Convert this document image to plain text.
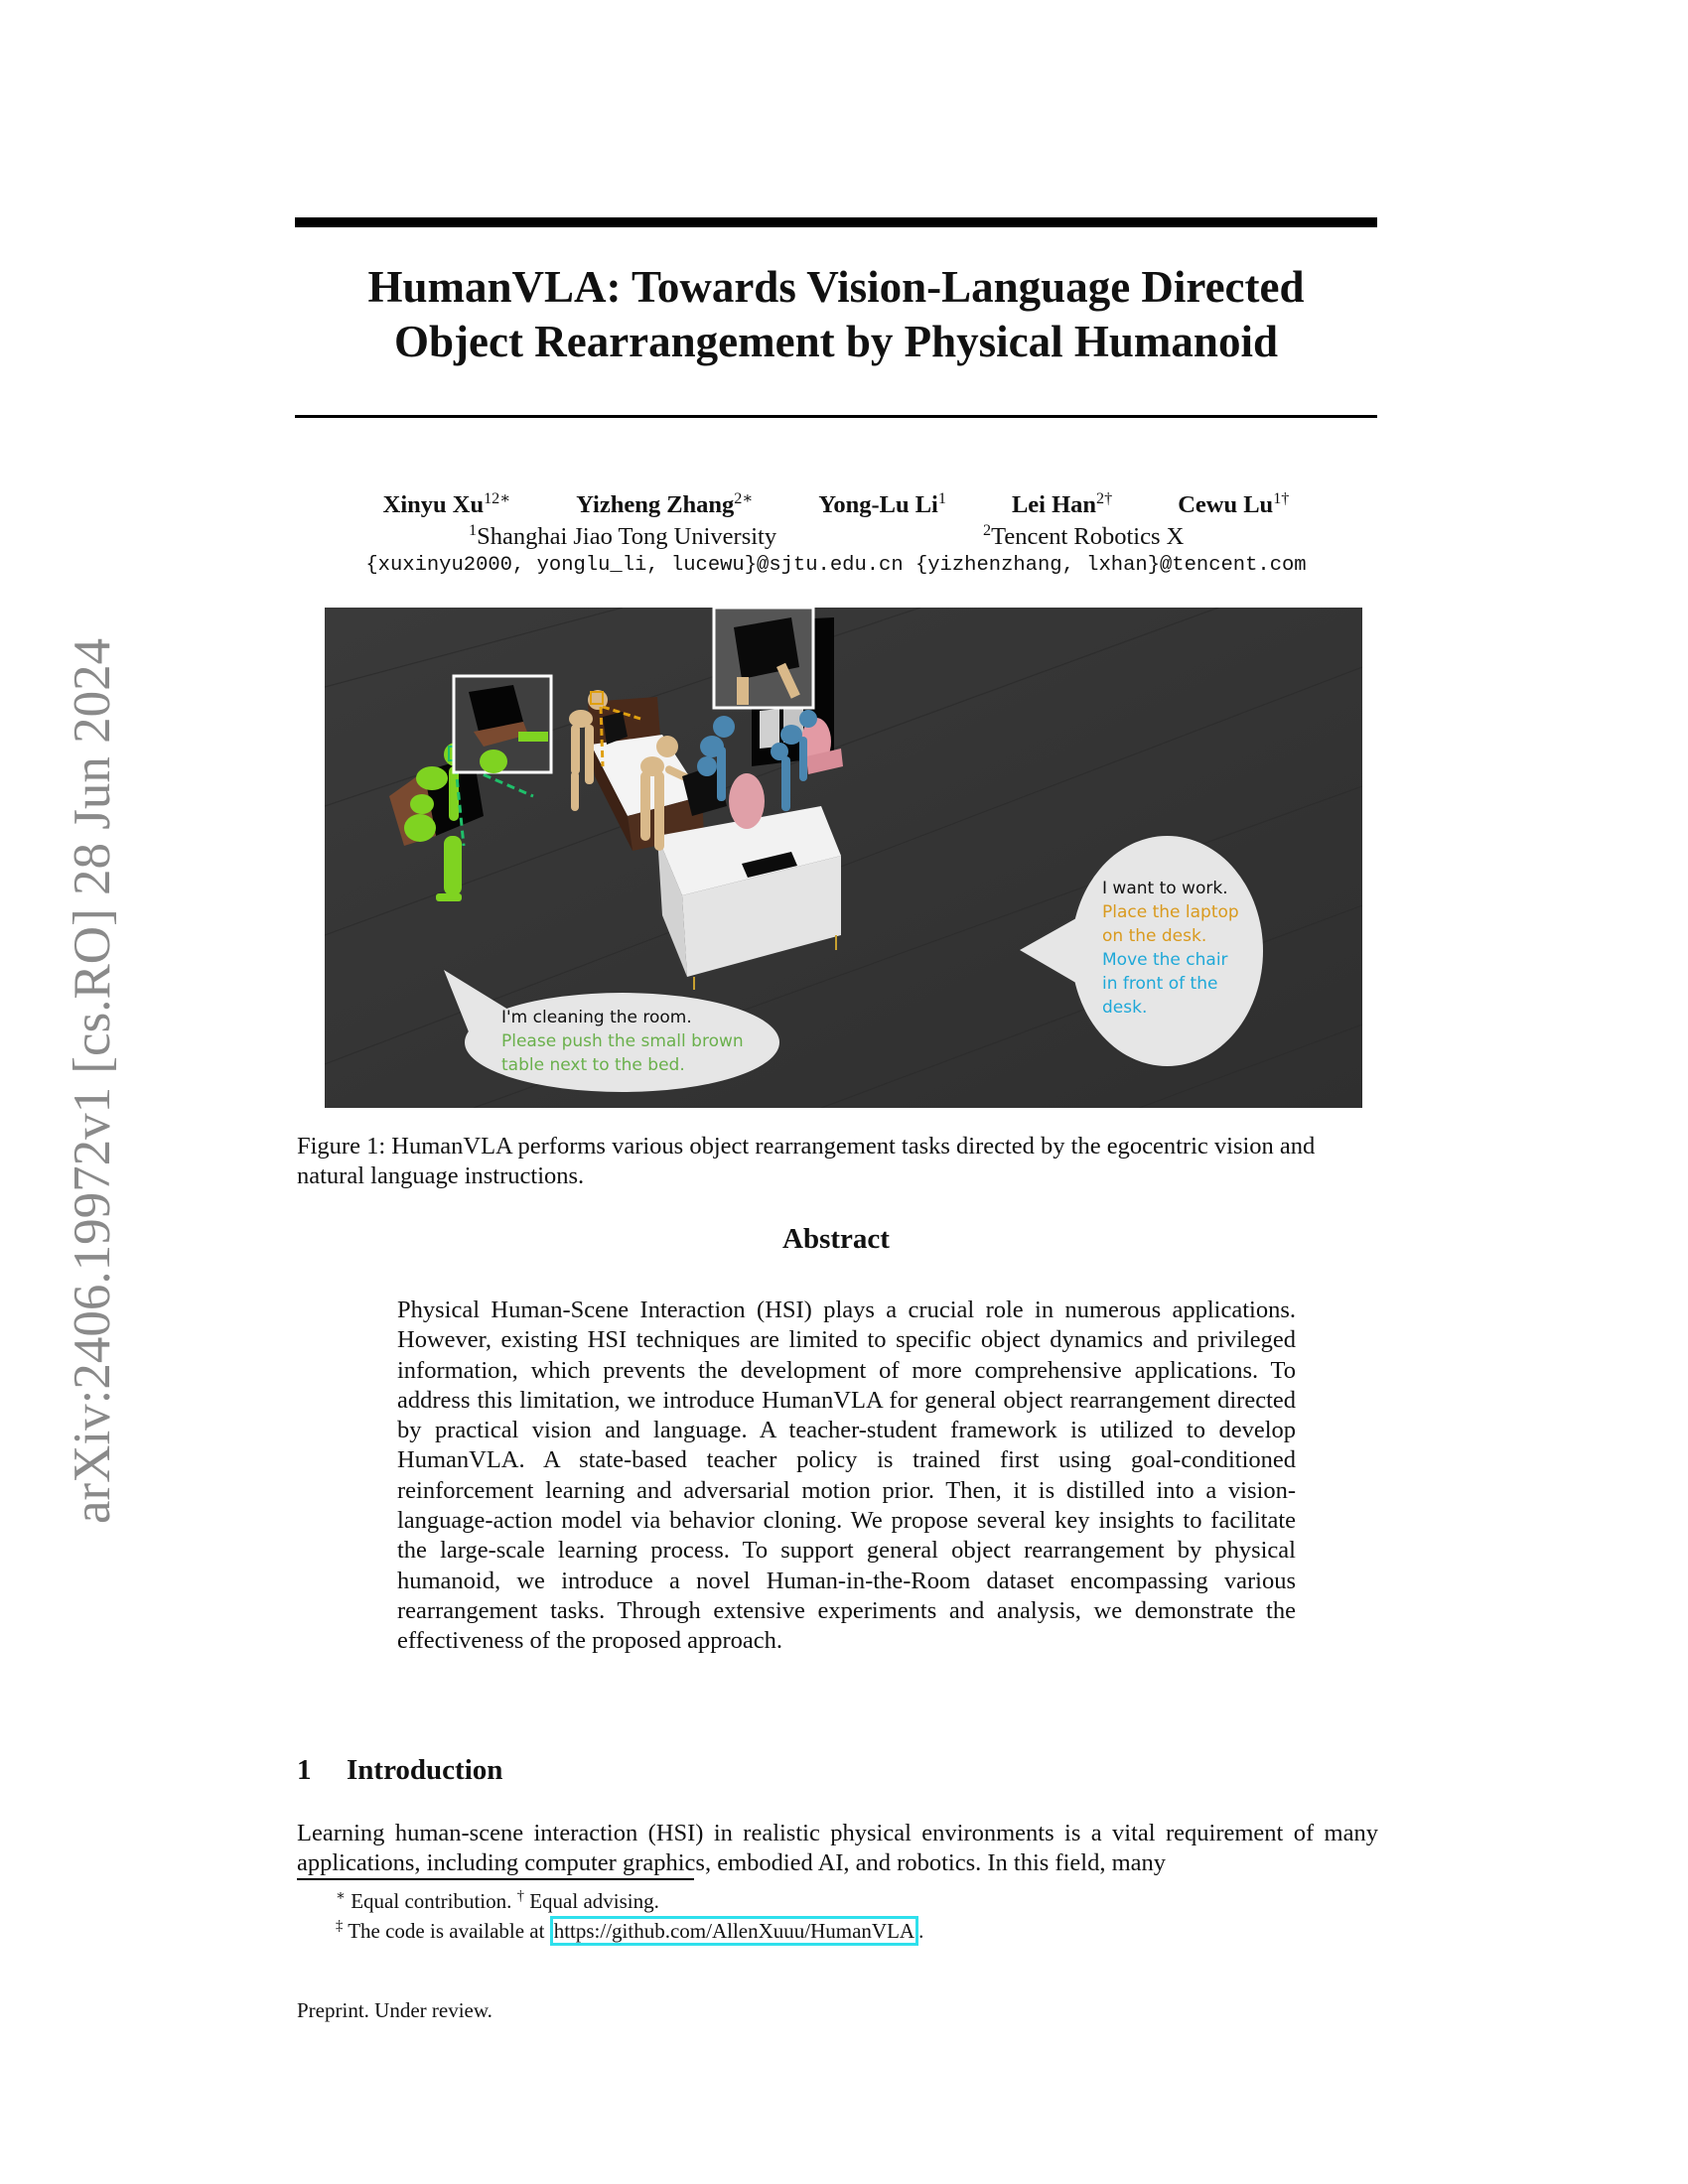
arXiv:2406.19972v1 [cs.RO] 28 Jun 2024
HumanVLA: Towards Vision-Language Directed
Object Rearrangement by Physical Humanoid
Xinyu $Xu^{12∗}$	Yizheng Zhang$^{2∗}$	Yong-Lu Li$^1$	Lei Han$^{2\dagger}$	Cewu $Lu^{1\dagger}$
$^1$Shanghai Jiao Tong University	$^2$Tencent Robotics X
{xuxinyu2000, yonglu_li, lucewu}@sjtu.edu.cn {yizhenzhang, lxhan}@tencent.com
I'm cleaning the room.
Please push the small brown
table next to the bed.
I want to work.
Place the laptop
on the desk.
Move the chair
in front of the
desk.
Figure 1: HumanVLA performs various object rearrangement tasks directed by the egocentric vision and natural language instructions.
Abstract

Physical Human-Scene Interaction (HSI) plays a crucial role in numerous applications. However, existing HSI techniques are limited to specific object dynamics and privileged information, which prevents the development of more comprehensive applications. To address this limitation, we introduce HumanVLA for general object rearrangement directed by practical vision and language. A teacher-student framework is utilized to develop HumanVLA. A state-based teacher policy is trained first using goal-conditioned reinforcement learning and adversarial motion prior. Then, it is distilled into a vision-language-action model via behavior cloning. We propose several key insights to facilitate the large-scale learning process. To support general object rearrangement by physical humanoid, we introduce a novel Human-in-the-Room dataset encompassing various rearrangement tasks. Through extensive experiments and analysis, we demonstrate the effectiveness of the proposed approach.

1 Introduction
Learning human-scene interaction (HSI) in realistic physical environments is a vital requirement of many applications, including computer graphics, embodied AI, and robotics. In this field, many
∗ Equal contribution. † Equal advising.
‡ The code is available at https://github.com/AllenXuuu/HumanVLA .
Preprint. Under review.
